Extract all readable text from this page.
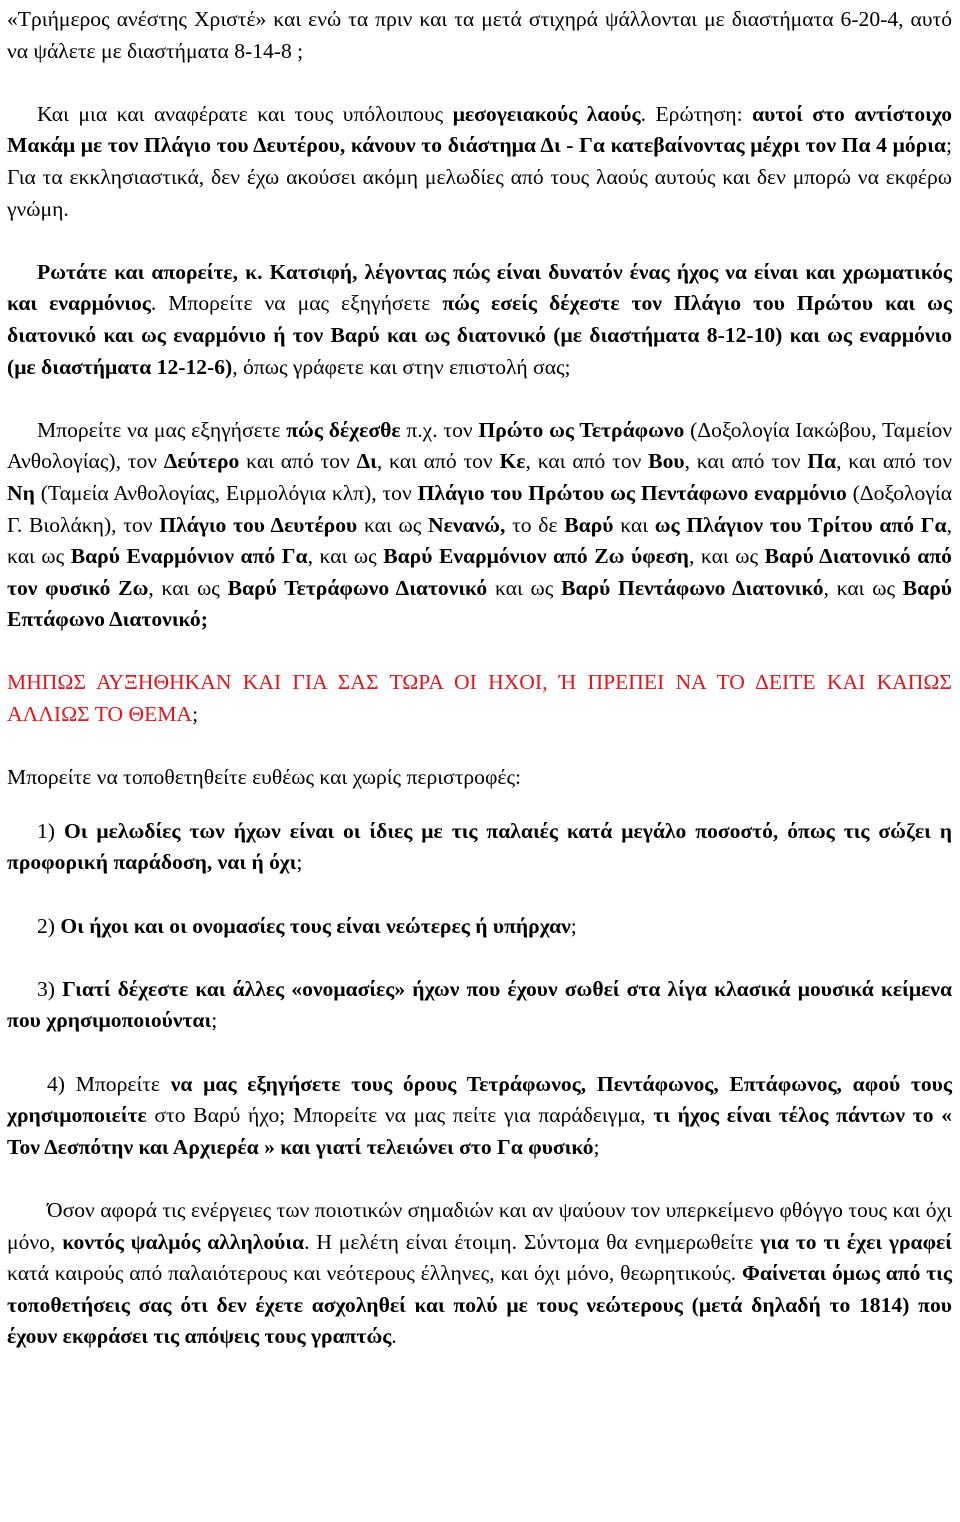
«Τριήμερος ανέστης Χριστέ» και ενώ τα πριν και τα μετά στιχηρά ψάλλονται με διαστήματα 6-20-4, αυτό να ψάλετε με διαστήματα 8-14-8 ;

Και μια και αναφέρατε και τους υπόλοιπους μεσογειακούς λαούς. Ερώτηση: αυτοί στο αντίστοιχο Μακάμ με τον Πλάγιο του Δευτέρου, κάνουν το διάστημα Δι - Γα κατεβαίνοντας μέχρι τον Πα 4 μόρια; Για τα εκκλησιαστικά, δεν έχω ακούσει ακόμη μελωδίες από τους λαούς αυτούς και δεν μπορώ να εκφέρω γνώμη.

Ρωτάτε και απορείτε, κ. Κατσιφή, λέγοντας πώς είναι δυνατόν ένας ήχος να είναι και χρωματικός και εναρμόνιος. Μπορείτε να μας εξηγήσετε πώς εσείς δέχεστε τον Πλάγιο του Πρώτου και ως διατονικό και ως εναρμόνιο ή τον Βαρύ και ως διατονικό (με διαστήματα 8-12-10) και ως εναρμόνιο (με διαστήματα 12-12-6), όπως γράφετε και στην επιστολή σας;

Μπορείτε να μας εξηγήσετε πώς δέχεσθε π.χ. τον Πρώτο ως Τετράφωνο (Δοξολογία Ιακώβου, Ταμείον Ανθολογίας), τον Δεύτερο και από τον Δι, και από τον Κε, και από τον Βου, και από τον Πα, και από τον Νη (Ταμεία Ανθολογίας, Ειρμολόγια κλπ), τον Πλάγιο του Πρώτου ως Πεντάφωνο εναρμόνιο (Δοξολογία Γ. Βιολάκη), τον Πλάγιο του Δευτέρου και ως Νενανώ, το δε Βαρύ και ως Πλάγιον του Τρίτου από Γα, και ως Βαρύ Εναρμόνιον από Γα, και ως Βαρύ Εναρμόνιον από Ζω ύφεση, και ως Βαρύ Διατονικό από τον φυσικό Ζω, και ως Βαρύ Τετράφωνο Διατονικό και ως Βαρύ Πεντάφωνο Διατονικό, και ως Βαρύ Επτάφωνο Διατονικό;

ΜΗΠΩΣ ΑΥΞΗΘΗΚΑΝ ΚΑΙ ΓΙΑ ΣΑΣ ΤΩΡΑ ΟΙ ΗΧΟΙ, Ή ΠΡΕΠΕΙ ΝΑ ΤΟ ΔΕΙΤΕ ΚΑΙ ΚΑΠΩΣ ΑΛΛΙΩΣ ΤΟ ΘΕΜΑ;

Μπορείτε να τοποθετηθείτε ευθέως και χωρίς περιστροφές:

1) Οι μελωδίες των ήχων είναι οι ίδιες με τις παλαιές κατά μεγάλο ποσοστό, όπως τις σώζει η προφορική παράδοση, ναι ή όχι;

2) Οι ήχοι και οι ονομασίες τους είναι νεώτερες ή υπήρχαν;

3) Γιατί δέχεστε και άλλες «ονομασίες» ήχων που έχουν σωθεί στα λίγα κλασικά μουσικά κείμενα που χρησιμοποιούνται;

4) Μπορείτε να μας εξηγήσετε τους όρους Τετράφωνος, Πεντάφωνος, Επτάφωνος, αφού τους χρησιμοποιείτε στο Βαρύ ήχο; Μπορείτε να μας πείτε για παράδειγμα, τι ήχος είναι τέλος πάντων το « Τον Δεσπότην και Αρχιερέα » και γιατί τελειώνει στο Γα φυσικό;

Όσον αφορά τις ενέργειες των ποιοτικών σημαδιών και αν ψαύουν τον υπερκείμενο φθόγγο τους και όχι μόνο, κοντός ψαλμός αλληλούια. Η μελέτη είναι έτοιμη. Σύντομα θα ενημερωθείτε για το τι έχει γραφεί κατά καιρούς από παλαιότερους και νεότερους έλληνες, και όχι μόνο, θεωρητικούς. Φαίνεται όμως από τις τοποθετήσεις σας ότι δεν έχετε ασχοληθεί και πολύ με τους νεώτερους (μετά δηλαδή το 1814) που έχουν εκφράσει τις απόψεις τους γραπτώς.
